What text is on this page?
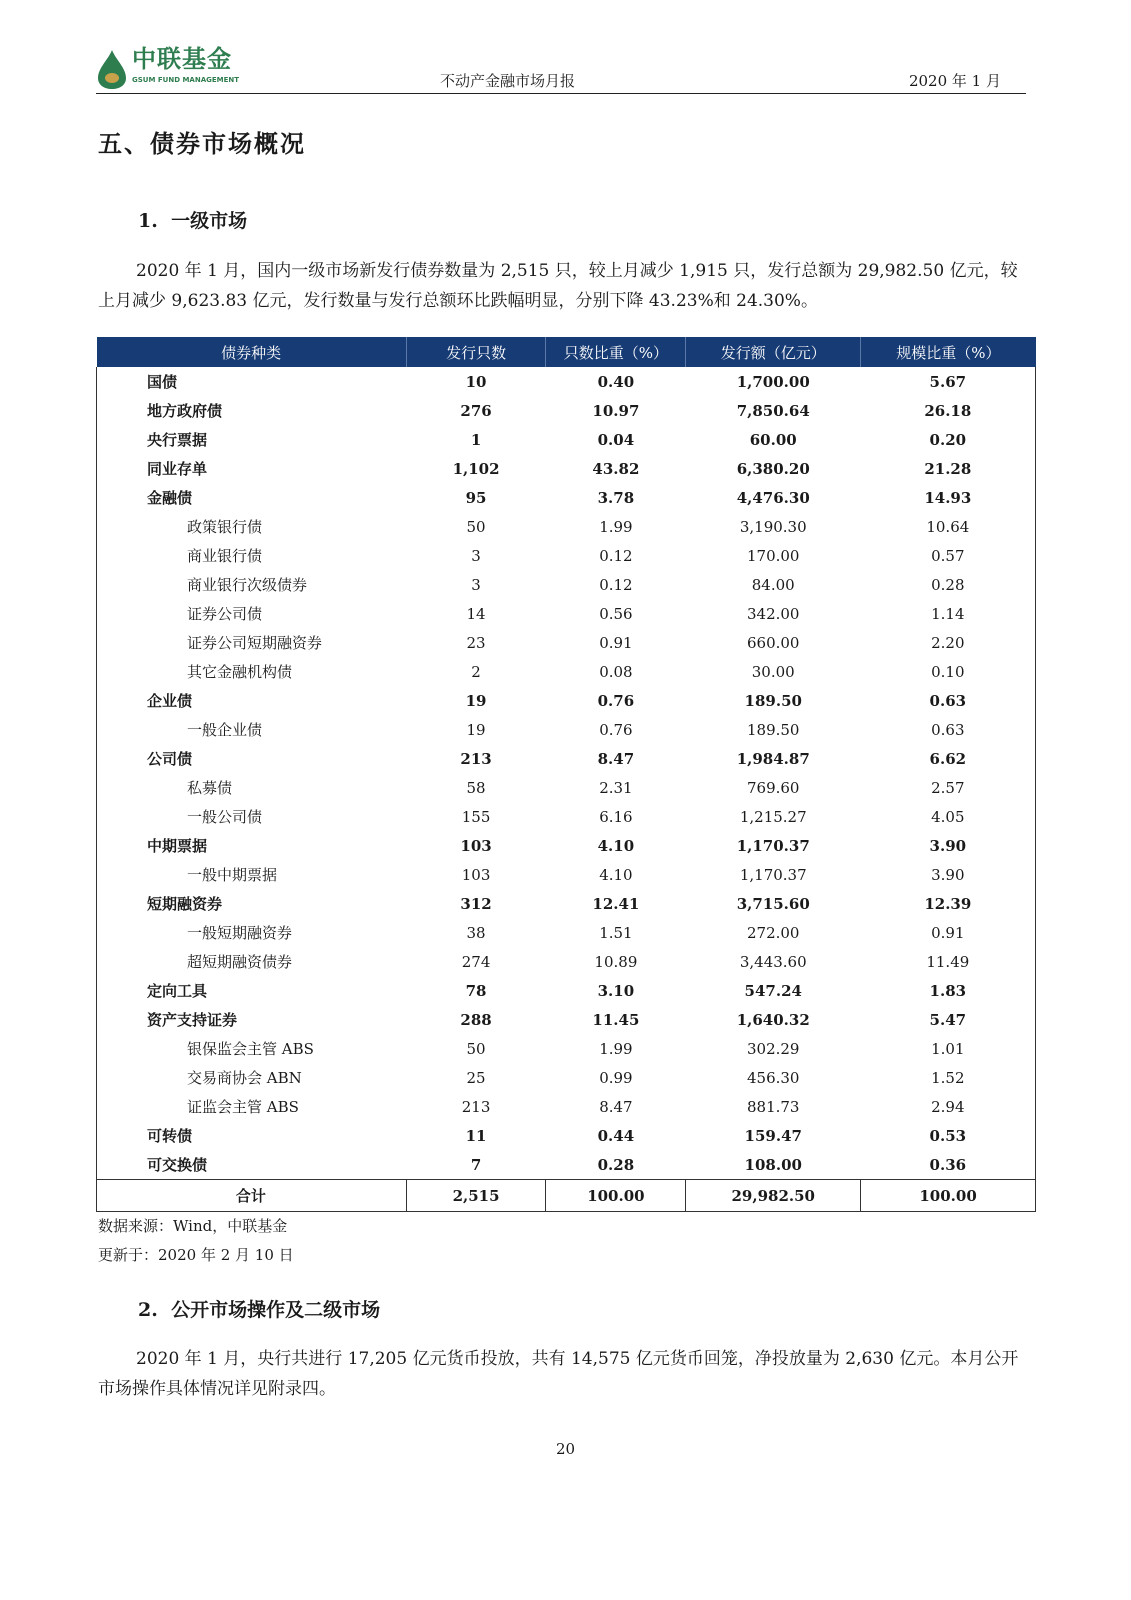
中联基金
GSUM FUND MANAGEMENT	不动产金融市场月报	2020 年 1 月
五、债券市场概况
1. 一级市场
2020 年 1 月，国内一级市场新发行债券数量为 2,515 只，较上月减少 1,915 只，发行总额为 29,982.50 亿元，较上月减少 9,623.83 亿元，发行数量与发行总额环比跌幅明显，分别下降 43.23%和 24.30%。
债券种类	发行只数	只数比重（%）	发行额（亿元）	规模比重（%）
国债	10	0.40	1,700.00	5.67
地方政府债	276	10.97	7,850.64	26.18
央行票据	1	0.04	60.00	0.20
同业存单	1,102	43.82	6,380.20	21.28
金融债	95	3.78	4,476.30	14.93
政策银行债	50	1.99	3,190.30	10.64
商业银行债	3	0.12	170.00	0.57
商业银行次级债券	3	0.12	84.00	0.28
证券公司债	14	0.56	342.00	1.14
证券公司短期融资券	23	0.91	660.00	2.20
其它金融机构债	2	0.08	30.00	0.10
企业债	19	0.76	189.50	0.63
一般企业债	19	0.76	189.50	0.63
公司债	213	8.47	1,984.87	6.62
私募债	58	2.31	769.60	2.57
一般公司债	155	6.16	1,215.27	4.05
中期票据	103	4.10	1,170.37	3.90
一般中期票据	103	4.10	1,170.37	3.90
短期融资券	312	12.41	3,715.60	12.39
一般短期融资券	38	1.51	272.00	0.91
超短期融资债券	274	10.89	3,443.60	11.49
定向工具	78	3.10	547.24	1.83
资产支持证券	288	11.45	1,640.32	5.47
银保监会主管 ABS	50	1.99	302.29	1.01
交易商协会 ABN	25	0.99	456.30	1.52
证监会主管 ABS	213	8.47	881.73	2.94
可转债	11	0.44	159.47	0.53
可交换债	7	0.28	108.00	0.36
合计	2,515	100.00	29,982.50	100.00
数据来源：Wind，中联基金
更新于：2020 年 2 月 10 日
2. 公开市场操作及二级市场
2020 年 1 月，央行共进行 17,205 亿元货币投放，共有 14,575 亿元货币回笼，净投放量为 2,630 亿元。本月公开市场操作具体情况详见附录四。
20
